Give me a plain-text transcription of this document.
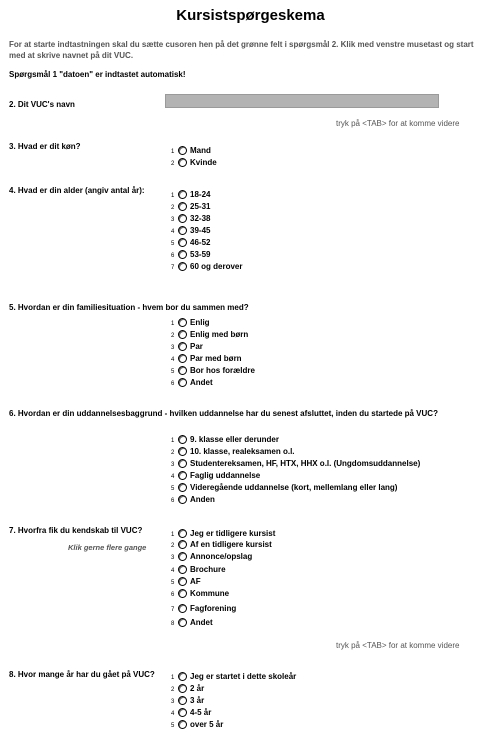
Kursistspørgeskema
For at starte indtastningen skal du sætte cusoren hen på det grønne felt i spørgsmål 2. Klik med venstre musetast og start med at skrive navnet på dit VUC.
Spørgsmål 1 "datoen" er indtastet automatisk!
2. Dit VUC's navn
tryk på <TAB> for at komme videre
3. Hvad er dit køn?
1	Mand
2	Kvinde
4. Hvad er din alder (angiv antal år):
1	18-24
2	25-31
3	32-38
4	39-45
5	46-52
6	53-59
7	60 og derover
5. Hvordan er din familiesituation - hvem bor du sammen med?
1	Enlig
2	Enlig med børn
3	Par
4	Par med børn
5	Bor hos forældre
6	Andet
6. Hvordan er din uddannelsesbaggrund - hvilken uddannelse har du senest afsluttet, inden du startede på VUC?
1	9. klasse eller derunder
2	10. klasse, realeksamen o.l.
3	Studentereksamen, HF, HTX, HHX o.l. (Ungdomsuddannelse)
4	Faglig uddannelse
5	Videregående uddannelse (kort, mellemlang eller lang)
6	Anden
7. Hvorfra fik du kendskab til VUC?
Klik gerne flere gange
1	Jeg er tidligere kursist
2	Af en tidligere kursist
3	Annonce/opslag
4	Brochure
5	AF
6	Kommune
7	Fagforening
8	Andet
tryk på <TAB> for at komme videre
8. Hvor mange år har du gået på VUC?	1	Jeg er startet i dette skoleår
2	2 år
3	3 år
4	4-5 år
5	over 5 år
